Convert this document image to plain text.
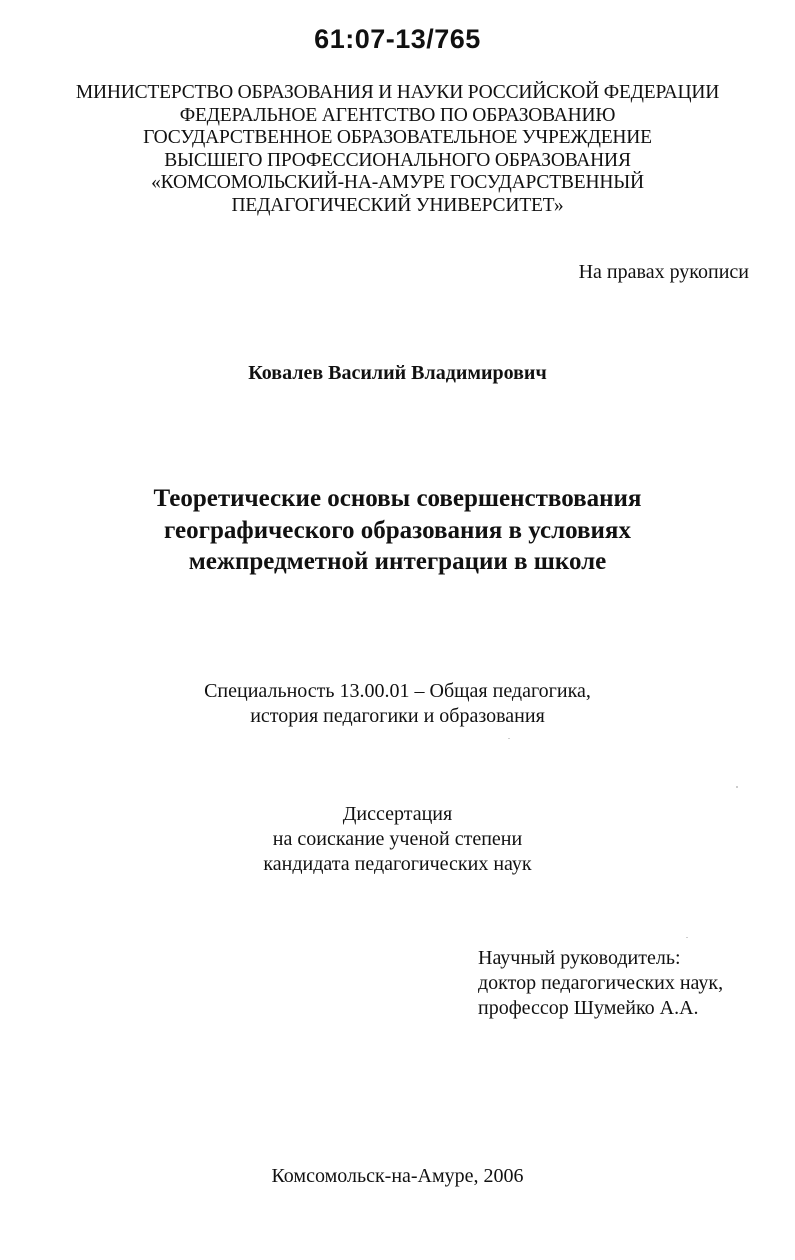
61:07-13/765
МИНИСТЕРСТВО ОБРАЗОВАНИЯ И НАУКИ РОССИЙСКОЙ ФЕДЕРАЦИИ
ФЕДЕРАЛЬНОЕ АГЕНТСТВО ПО ОБРАЗОВАНИЮ
ГОСУДАРСТВЕННОЕ ОБРАЗОВАТЕЛЬНОЕ УЧРЕЖДЕНИЕ
ВЫСШЕГО ПРОФЕССИОНАЛЬНОГО ОБРАЗОВАНИЯ
«КОМСОМОЛЬСКИЙ-НА-АМУРЕ ГОСУДАРСТВЕННЫЙ
ПЕДАГОГИЧЕСКИЙ УНИВЕРСИТЕТ»
На правах рукописи
Ковалев Василий Владимирович
Теоретические основы совершенствования
географического образования в условиях
межпредметной интеграции в школе
Специальность 13.00.01 – Общая педагогика,
история педагогики и образования
Диссертация
на соискание ученой степени
кандидата педагогических наук
Научный руководитель:
доктор педагогических наук,
профессор Шумейко А.А.
Комсомольск-на-Амуре, 2006
